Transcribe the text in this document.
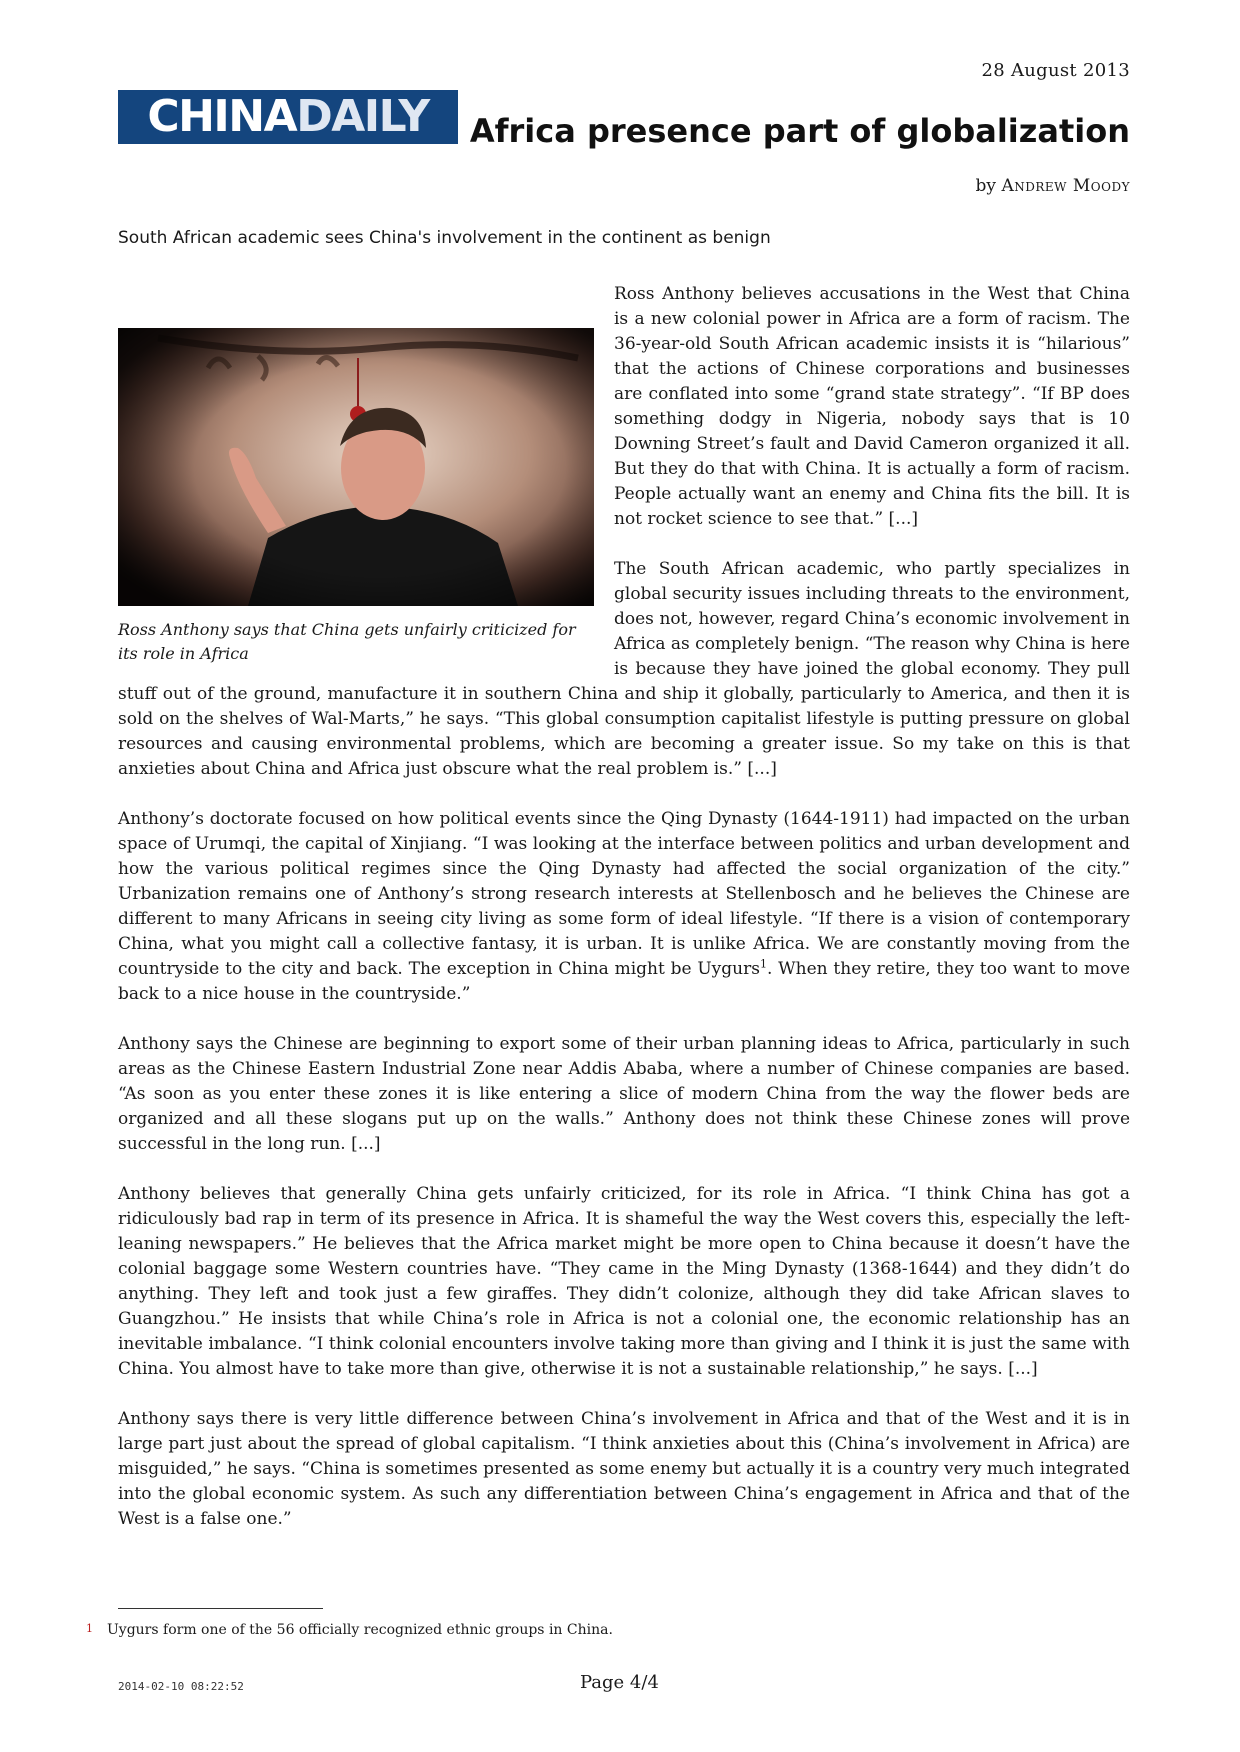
28 August 2013
CHINADAILY	Africa presence part of globalization
by Andrew Moody
South African academic sees China's involvement in the continent as benign
Ross Anthony says that China gets unfairly criticized for its role in Africa

Ross Anthony believes accusations in the West that China is a new colonial power in Africa are a form of racism. The 36-year-old South African academic insists it is “hilarious” that the actions of Chinese corporations and businesses are conflated into some “grand state strategy”. “If BP does something dodgy in Nigeria, nobody says that is 10 Downing Street’s fault and David Cameron organized it all. But they do that with China. It is actually a form of racism. People actually want an enemy and China fits the bill. It is not rocket science to see that.” [...]

The South African academic, who partly specializes in global security issues including threats to the environment, does not, however, regard China’s economic involvement in Africa as completely benign. “The reason why China is here is because they have joined the global economy. They pull stuff out of the ground, manufacture it in southern China and ship it globally, particularly to America, and then it is sold on the shelves of Wal-Marts,” he says. “This global consumption capitalist lifestyle is putting pressure on global resources and causing environmental problems, which are becoming a greater issue. So my take on this is that anxieties about China and Africa just obscure what the real problem is.” [...]

Anthony’s doctorate focused on how political events since the Qing Dynasty (1644-1911) had impacted on the urban space of Urumqi, the capital of Xinjiang. “I was looking at the interface between politics and urban development and how the various political regimes since the Qing Dynasty had affected the social organization of the city.” Urbanization remains one of Anthony’s strong research interests at Stellenbosch and he believes the Chinese are different to many Africans in seeing city living as some form of ideal lifestyle. “If there is a vision of contemporary China, what you might call a collective fantasy, it is urban. It is unlike Africa. We are constantly moving from the countryside to the city and back. The exception in China might be Uygurs$^1$. When they retire, they too want to move back to a nice house in the countryside.”

Anthony says the Chinese are beginning to export some of their urban planning ideas to Africa, particularly in such areas as the Chinese Eastern Industrial Zone near Addis Ababa, where a number of Chinese companies are based. “As soon as you enter these zones it is like entering a slice of modern China from the way the flower beds are organized and all these slogans put up on the walls.” Anthony does not think these Chinese zones will prove successful in the long run. [...]

Anthony believes that generally China gets unfairly criticized, for its role in Africa. “I think China has got a ridiculously bad rap in term of its presence in Africa. It is shameful the way the West covers this, especially the left-leaning newspapers.” He believes that the Africa market might be more open to China because it doesn’t have the colonial baggage some Western countries have. “They came in the Ming Dynasty (1368-1644) and they didn’t do anything. They left and took just a few giraffes. They didn’t colonize, although they did take African slaves to Guangzhou.” He insists that while China’s role in Africa is not a colonial one, the economic relationship has an inevitable imbalance. “I think colonial encounters involve taking more than giving and I think it is just the same with China. You almost have to take more than give, otherwise it is not a sustainable relationship,” he says. [...]

Anthony says there is very little difference between China’s involvement in Africa and that of the West and it is in large part just about the spread of global capitalism. “I think anxieties about this (China’s involvement in Africa) are misguided,” he says. “China is sometimes presented as some enemy but actually it is a country very much integrated into the global economic system. As such any differentiation between China’s engagement in Africa and that of the West is a false one.”

$^1$ Uygurs form one of the 56 officially recognized ethnic groups in China.
2014-02-10 08:22:52	Page 4/4
